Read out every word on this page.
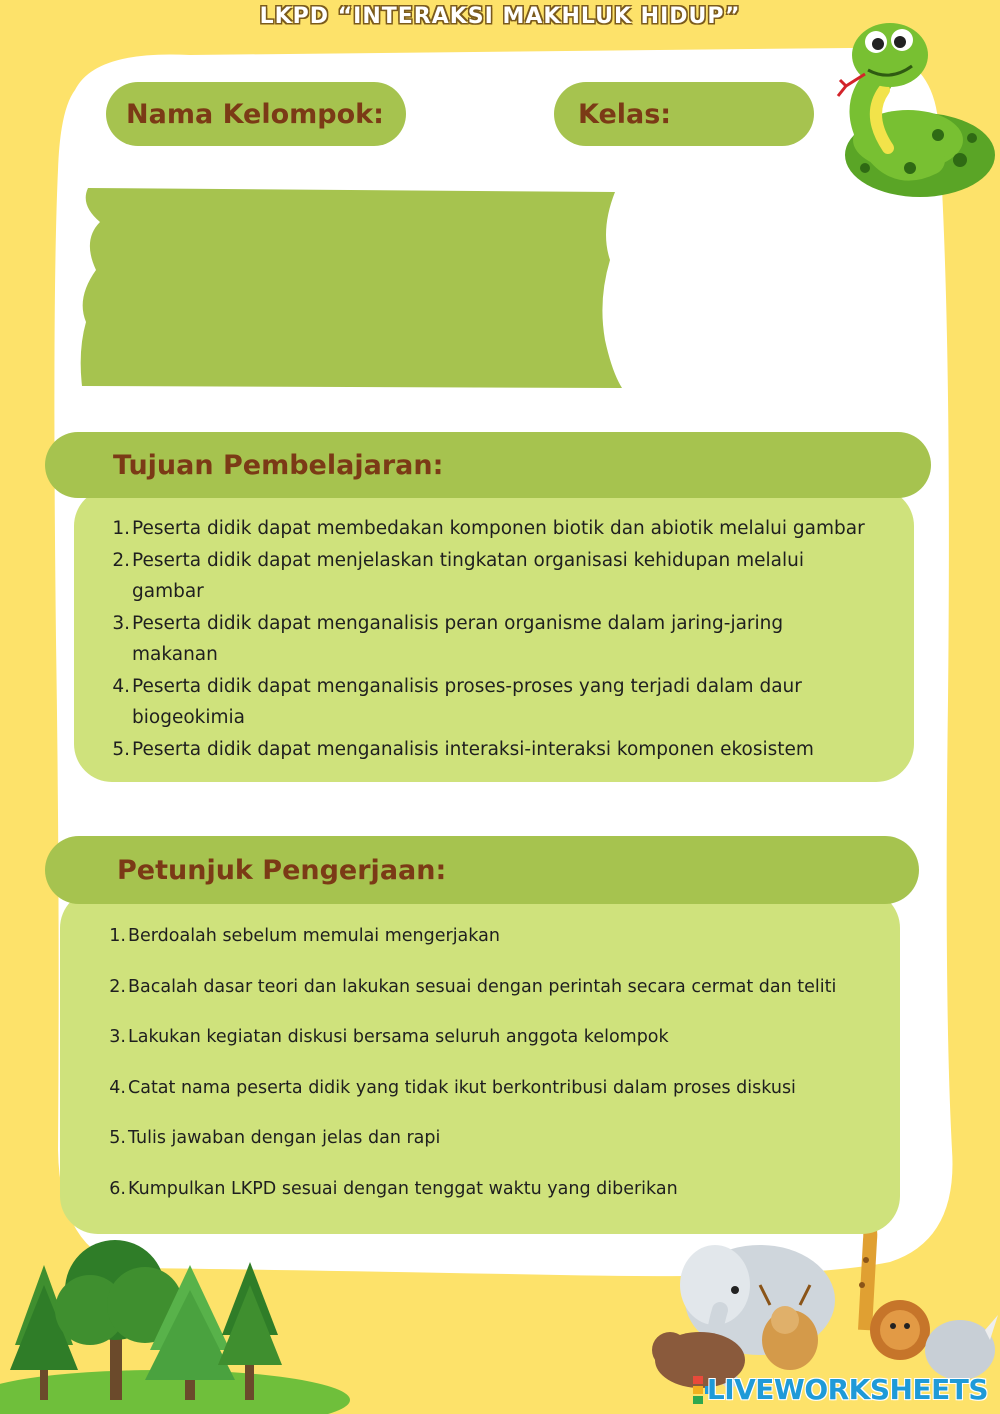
LKPD “INTERAKSI MAKHLUK HIDUP”
Nama Kelompok:	Kelas:
1. Peserta didik dapat membedakan komponen biotik dan abiotik melalui gambar
2. Peserta didik dapat menjelaskan tingkatan organisasi kehidupan melalui gambar
3. Peserta didik dapat menganalisis peran organisme dalam jaring-jaring makanan
4. Peserta didik dapat menganalisis proses-proses yang terjadi dalam daur biogeokimia
5. Peserta didik dapat menganalisis interaksi-interaksi komponen ekosistem
Tujuan Pembelajaran:
1. Berdoalah sebelum memulai mengerjakan
2. Bacalah dasar teori dan lakukan sesuai dengan perintah secara cermat dan teliti
3. Lakukan kegiatan diskusi bersama seluruh anggota kelompok
4. Catat nama peserta didik yang tidak ikut berkontribusi dalam proses diskusi
5. Tulis jawaban dengan jelas dan rapi
6. Kumpulkan LKPD sesuai dengan tenggat waktu yang diberikan
Petunjuk Pengerjaan:
LIVEWORKSHEETS
